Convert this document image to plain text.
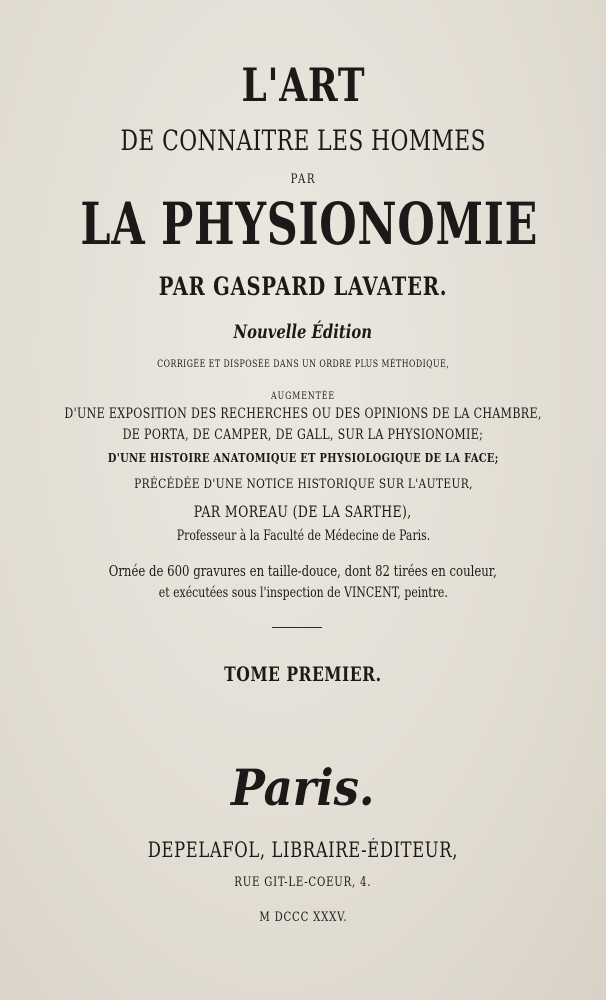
L'ART
DE CONNAITRE LES HOMMES
PAR
LA PHYSIONOMIE
PAR GASPARD LAVATER.
Nouvelle Édition
CORRIGÉE ET DISPOSÉE DANS UN ORDRE PLUS MÉTHODIQUE,
AUGMENTÉE
D'UNE EXPOSITION DES RECHERCHES OU DES OPINIONS DE LA CHAMBRE,
DE PORTA, DE CAMPER, DE GALL, SUR LA PHYSIONOMIE;
D'UNE HISTOIRE ANATOMIQUE ET PHYSIOLOGIQUE DE LA FACE;
PRÉCÉDÉE D'UNE NOTICE HISTORIQUE SUR L'AUTEUR,
PAR MOREAU (DE LA SARTHE),
Professeur à la Faculté de Médecine de Paris.
Ornée de 600 gravures en taille-douce, dont 82 tirées en couleur,
et exécutées sous l'inspection de VINCENT, peintre.
TOME PREMIER.
Paris.
DEPELAFOL, LIBRAIRE-ÉDITEUR,
RUE GIT-LE-COEUR, 4.
M DCCC XXXV.
